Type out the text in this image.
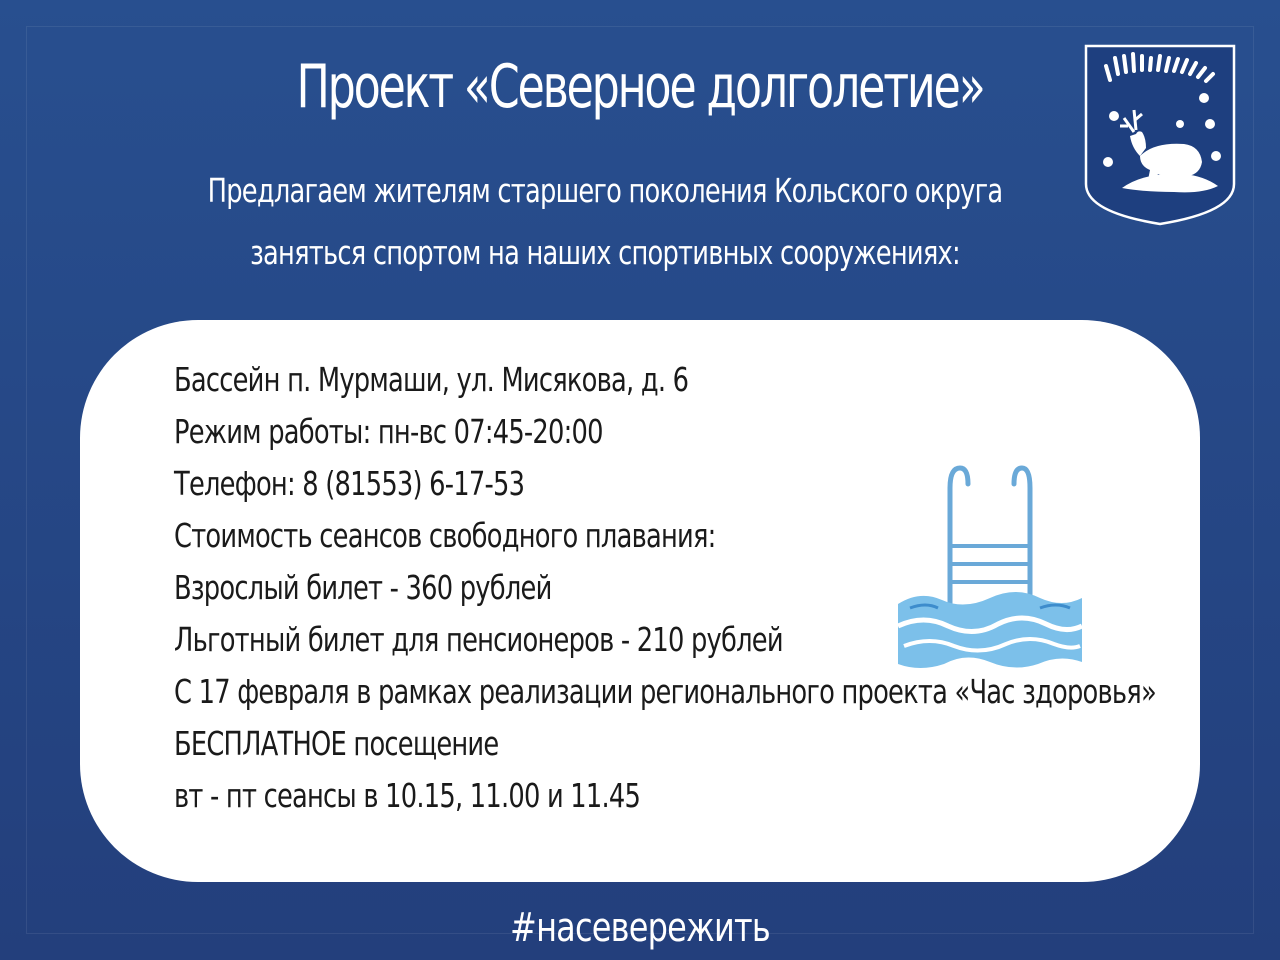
Проект «Северное долголетие»
Предлагаем жителям старшего поколения Кольского округа
заняться спортом на наших спортивных сооружениях:
Бассейн п. Мурмаши, ул. Мисякова, д. 6
Режим работы: пн-вс 07:45-20:00
Телефон: 8 (81553) 6-17-53
Стоимость сеансов свободного плавания:
Взрослый билет - 360 рублей
Льготный билет для пенсионеров - 210 рублей
С 17 февраля в рамках реализации регионального проекта «Час здоровья»
БЕСПЛАТНОЕ посещение
вт - пт сеансы в 10.15, 11.00 и 11.45
#насевережить
